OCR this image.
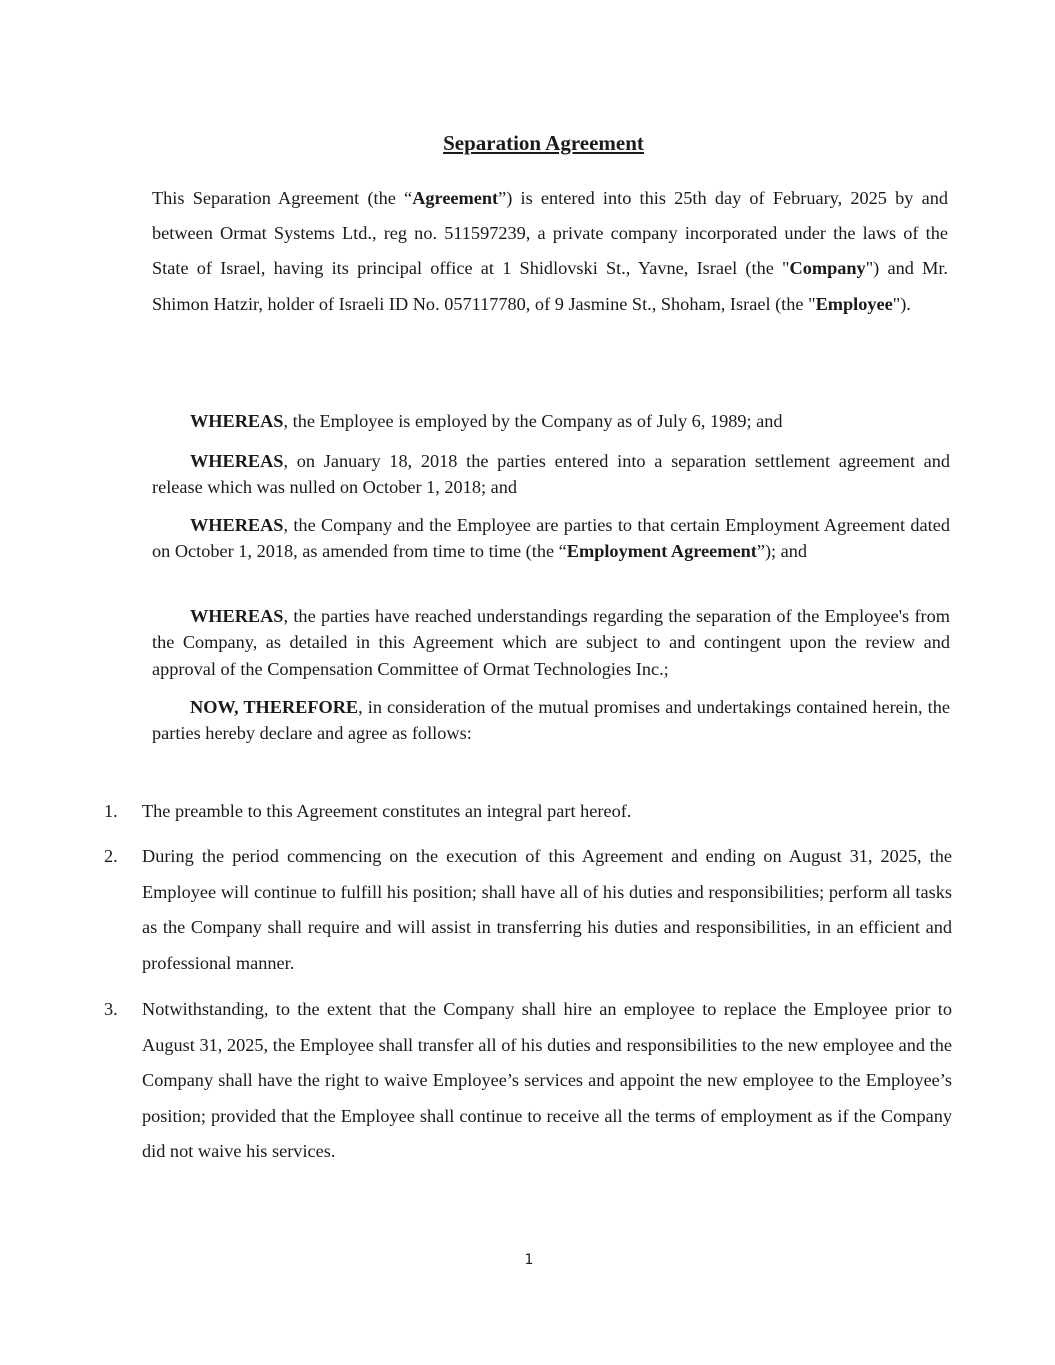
Separation Agreement
This Separation Agreement (the “Agreement”) is entered into this 25th day of February, 2025 by and between Ormat Systems Ltd., reg no. 511597239, a private company incorporated under the laws of the State of Israel, having its principal office at 1 Shidlovski St., Yavne, Israel (the "Company") and Mr. Shimon Hatzir, holder of Israeli ID No. 057117780, of 9 Jasmine St., Shoham, Israel (the "Employee").
WHEREAS, the Employee is employed by the Company as of July 6, 1989; and
WHEREAS, on January 18, 2018 the parties entered into a separation settlement agreement and release which was nulled on October 1, 2018; and
WHEREAS, the Company and the Employee are parties to that certain Employment Agreement dated on October 1, 2018, as amended from time to time (the “Employment Agreement”); and
WHEREAS, the parties have reached understandings regarding the separation of the Employee's from the Company, as detailed in this Agreement which are subject to and contingent upon the review and approval of the Compensation Committee of Ormat Technologies Inc.;
NOW, THEREFORE, in consideration of the mutual promises and undertakings contained herein, the parties hereby declare and agree as follows:
1. The preamble to this Agreement constitutes an integral part hereof.
2. During the period commencing on the execution of this Agreement and ending on August 31, 2025, the Employee will continue to fulfill his position; shall have all of his duties and responsibilities; perform all tasks as the Company shall require and will assist in transferring his duties and responsibilities, in an efficient and professional manner.
3. Notwithstanding, to the extent that the Company shall hire an employee to replace the Employee prior to August 31, 2025, the Employee shall transfer all of his duties and responsibilities to the new employee and the Company shall have the right to waive Employee’s services and appoint the new employee to the Employee’s position; provided that the Employee shall continue to receive all the terms of employment as if the Company did not waive his services.
1
